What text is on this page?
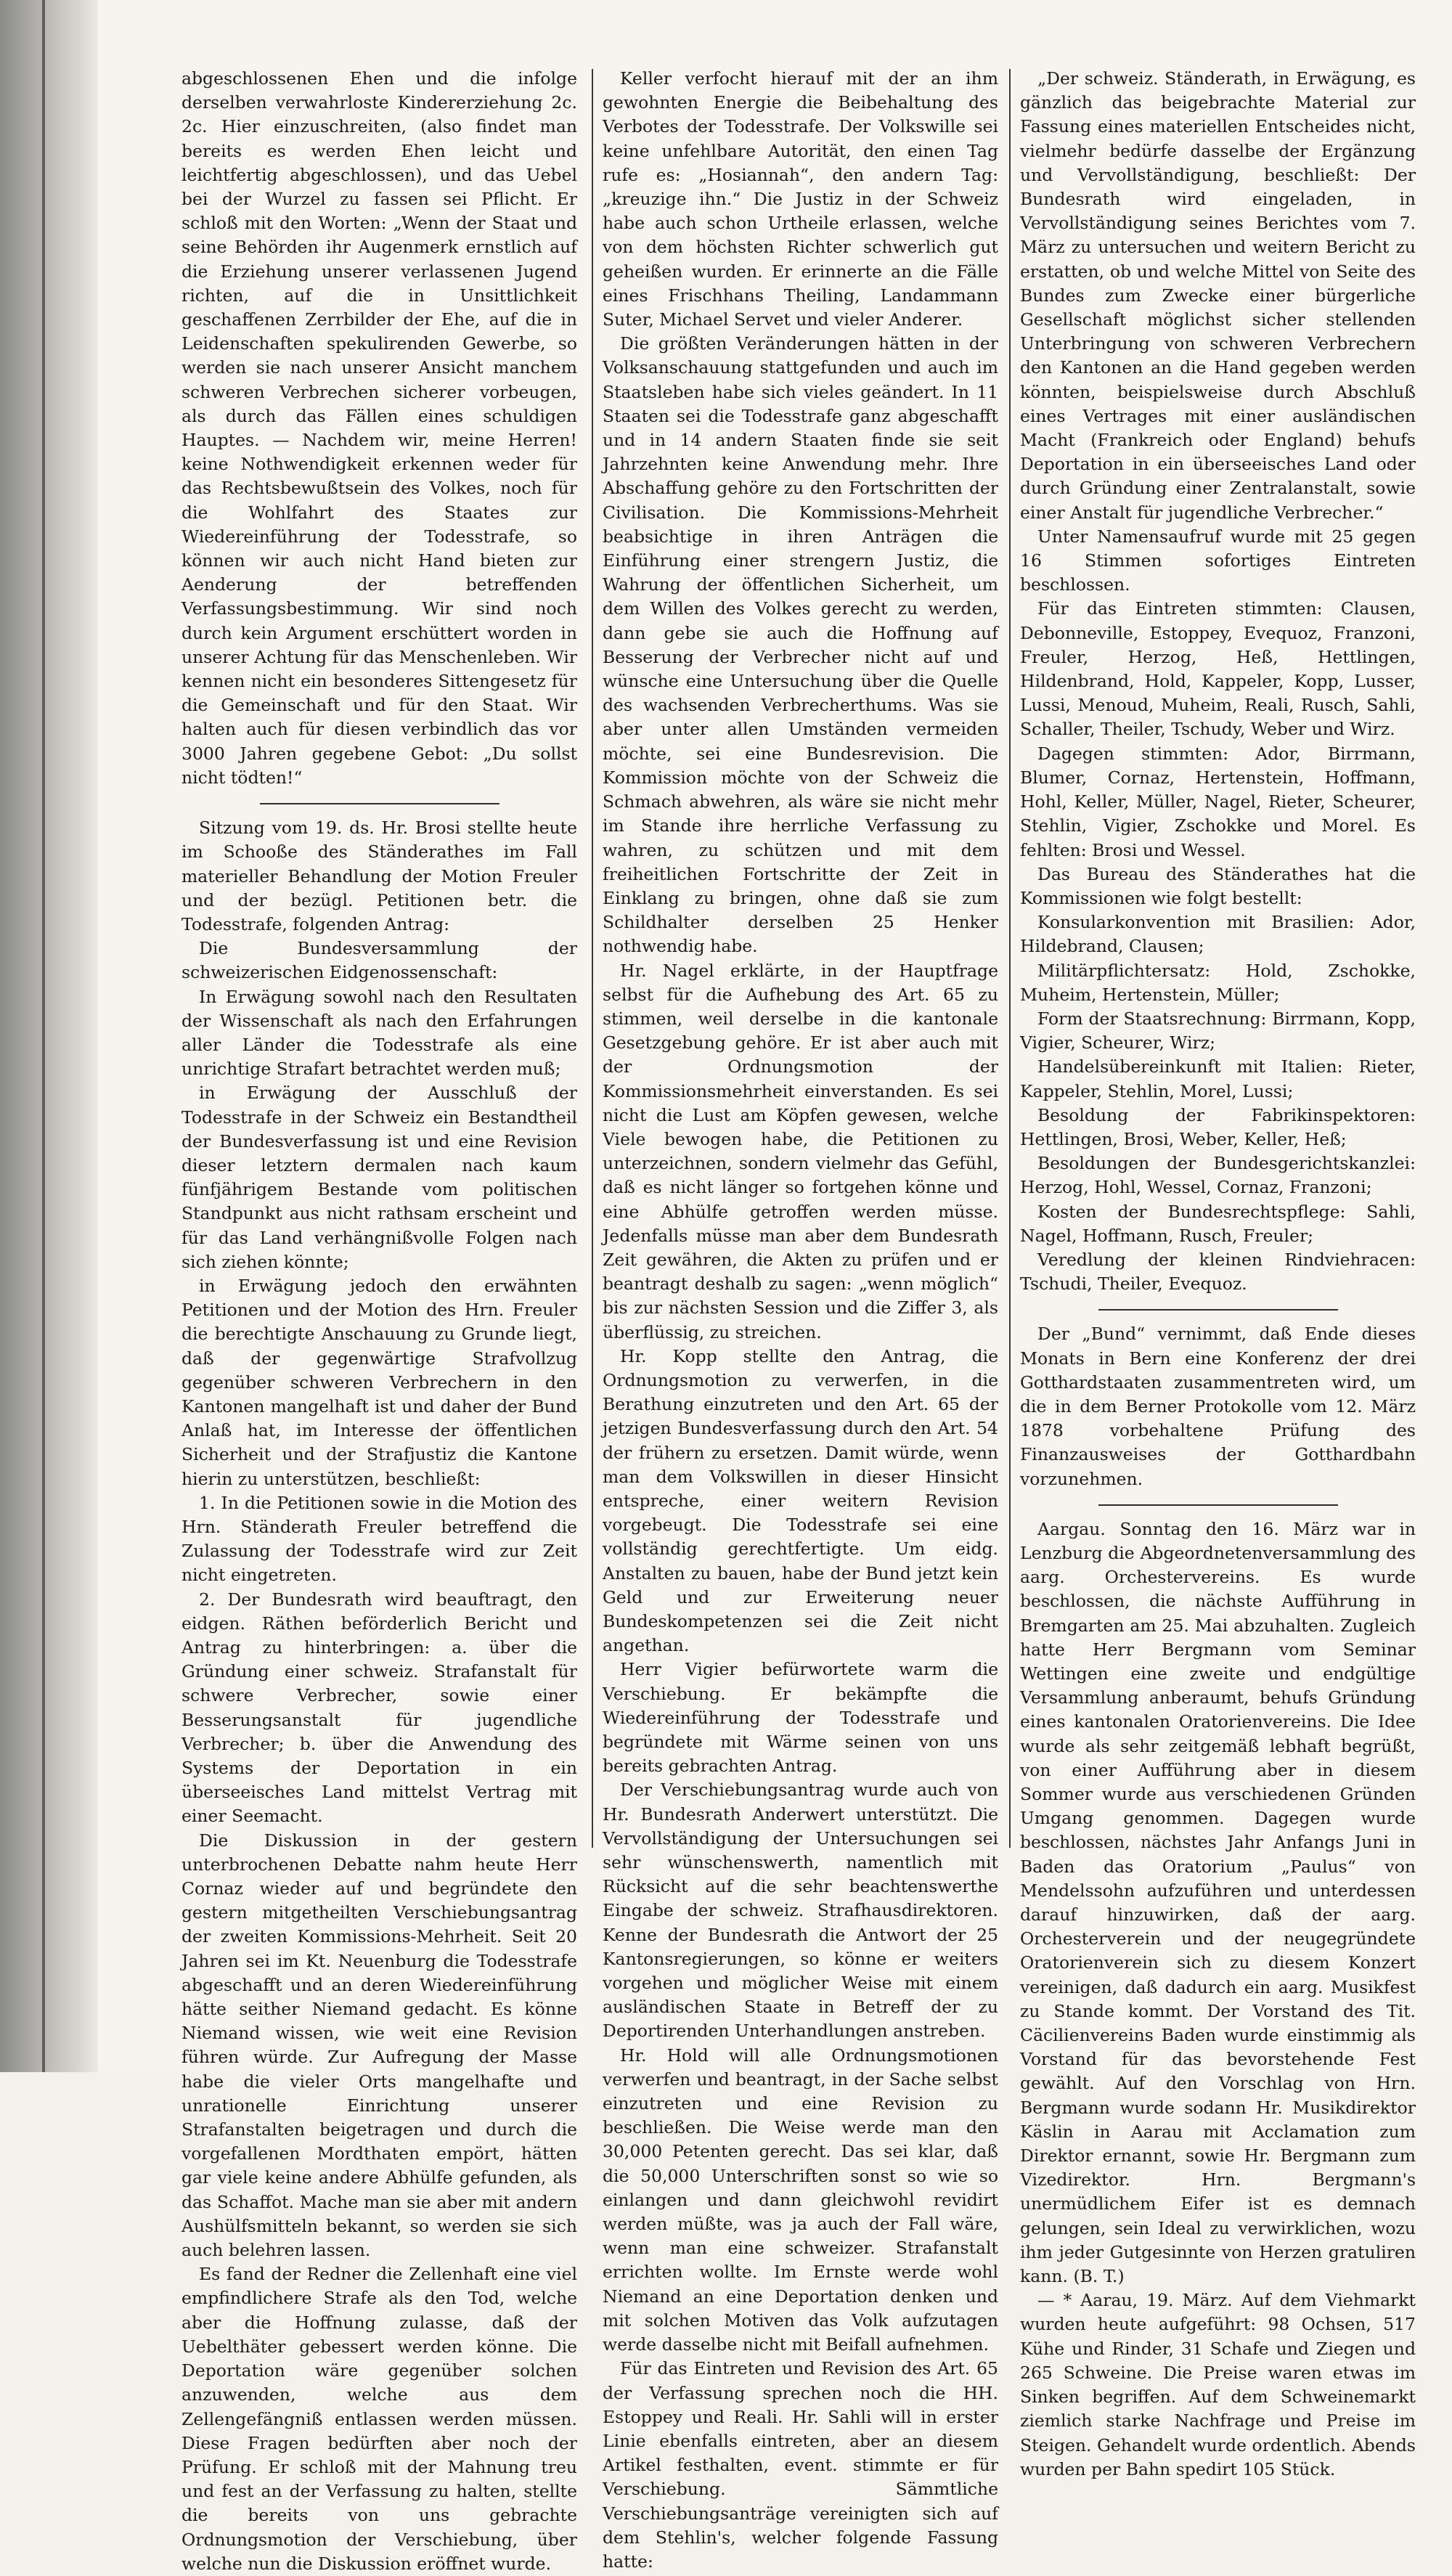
abgeschlossenen Ehen und die infolge derselben verwahrloste Kindererziehung 2c. 2c. Hier einzuschreiten, (also findet man bereits es werden Ehen leicht und leichtfertig abgeschlossen), und das Uebel bei der Wurzel zu fassen sei Pflicht. Er schloß mit den Worten: „Wenn der Staat und seine Behörden ihr Augenmerk ernstlich auf die Erziehung unserer verlassenen Jugend richten, auf die in Unsittlichkeit geschaffenen Zerrbilder der Ehe, auf die in Leidenschaften spekulirenden Gewerbe, so werden sie nach unserer Ansicht manchem schweren Verbrechen sicherer vorbeugen, als durch das Fällen eines schuldigen Hauptes. — Nachdem wir, meine Herren! keine Nothwendigkeit erkennen weder für das Rechtsbewußtsein des Volkes, noch für die Wohlfahrt des Staates zur Wiedereinführung der Todesstrafe, so können wir auch nicht Hand bieten zur Aenderung der betreffenden Verfassungsbestimmung. Wir sind noch durch kein Argument erschüttert worden in unserer Achtung für das Menschenleben. Wir kennen nicht ein besonderes Sittengesetz für die Gemeinschaft und für den Staat. Wir halten auch für diesen verbindlich das vor 3000 Jahren gegebene Gebot: „Du sollst nicht tödten!“

Sitzung vom 19. ds. Hr. Brosi stellte heute im Schooße des Ständerathes im Fall materieller Behandlung der Motion Freuler und der bezügl. Petitionen betr. die Todesstrafe, folgenden Antrag:

Die Bundesversammlung der schweizerischen Eidgenossenschaft:

In Erwägung sowohl nach den Resultaten der Wissenschaft als nach den Erfahrungen aller Länder die Todesstrafe als eine unrichtige Strafart betrachtet werden muß;

in Erwägung der Ausschluß der Todesstrafe in der Schweiz ein Bestandtheil der Bundesverfassung ist und eine Revision dieser letztern dermalen nach kaum fünfjährigem Bestande vom politischen Standpunkt aus nicht rathsam erscheint und für das Land verhängnißvolle Folgen nach sich ziehen könnte;

in Erwägung jedoch den erwähnten Petitionen und der Motion des Hrn. Freuler die berechtigte Anschauung zu Grunde liegt, daß der gegenwärtige Strafvollzug gegenüber schweren Verbrechern in den Kantonen mangelhaft ist und daher der Bund Anlaß hat, im Interesse der öffentlichen Sicherheit und der Strafjustiz die Kantone hierin zu unterstützen, beschließt:

1. In die Petitionen sowie in die Motion des Hrn. Ständerath Freuler betreffend die Zulassung der Todesstrafe wird zur Zeit nicht eingetreten.

2. Der Bundesrath wird beauftragt, den eidgen. Räthen beförderlich Bericht und Antrag zu hinterbringen: a. über die Gründung einer schweiz. Strafanstalt für schwere Verbrecher, sowie einer Besserungsanstalt für jugendliche Verbrecher; b. über die Anwendung des Systems der Deportation in ein überseeisches Land mittelst Vertrag mit einer Seemacht.

Die Diskussion in der gestern unterbrochenen Debatte nahm heute Herr Cornaz wieder auf und begründete den gestern mitgetheilten Verschiebungsantrag der zweiten Kommissions-Mehrheit. Seit 20 Jahren sei im Kt. Neuenburg die Todesstrafe abgeschafft und an deren Wiedereinführung hätte seither Niemand gedacht. Es könne Niemand wissen, wie weit eine Revision führen würde. Zur Aufregung der Masse habe die vieler Orts mangelhafte und unrationelle Einrichtung unserer Strafanstalten beigetragen und durch die vorgefallenen Mordthaten empört, hätten gar viele keine andere Abhülfe gefunden, als das Schaffot. Mache man sie aber mit andern Aushülfsmitteln bekannt, so werden sie sich auch belehren lassen.

Es fand der Redner die Zellenhaft eine viel empfindlichere Strafe als den Tod, welche aber die Hoffnung zulasse, daß der Uebelthäter gebessert werden könne. Die Deportation wäre gegenüber solchen anzuwenden, welche aus dem Zellengefängniß entlassen werden müssen. Diese Fragen bedürften aber noch der Prüfung. Er schloß mit der Mahnung treu und fest an der Verfassung zu halten, stellte die bereits von uns gebrachte Ordnungsmotion der Verschiebung, über welche nun die Diskussion eröffnet wurde.

Keller verfocht hierauf mit der an ihm gewohnten Energie die Beibehaltung des Verbotes der Todesstrafe. Der Volkswille sei keine unfehlbare Autorität, den einen Tag rufe es: „Hosiannah“, den andern Tag: „kreuzige ihn.“ Die Justiz in der Schweiz habe auch schon Urtheile erlassen, welche von dem höchsten Richter schwerlich gut geheißen wurden. Er erinnerte an die Fälle eines Frischhans Theiling, Landammann Suter, Michael Servet und vieler Anderer.

Die größten Veränderungen hätten in der Volksanschauung stattgefunden und auch im Staatsleben habe sich vieles geändert. In 11 Staaten sei die Todesstrafe ganz abgeschafft und in 14 andern Staaten finde sie seit Jahrzehnten keine Anwendung mehr. Ihre Abschaffung gehöre zu den Fortschritten der Civilisation. Die Kommissions-Mehrheit beabsichtige in ihren Anträgen die Einführung einer strengern Justiz, die Wahrung der öffentlichen Sicherheit, um dem Willen des Volkes gerecht zu werden, dann gebe sie auch die Hoffnung auf Besserung der Verbrecher nicht auf und wünsche eine Untersuchung über die Quelle des wachsenden Verbrecherthums. Was sie aber unter allen Umständen vermeiden möchte, sei eine Bundesrevision. Die Kommission möchte von der Schweiz die Schmach abwehren, als wäre sie nicht mehr im Stande ihre herrliche Verfassung zu wahren, zu schützen und mit dem freiheitlichen Fortschritte der Zeit in Einklang zu bringen, ohne daß sie zum Schildhalter derselben 25 Henker nothwendig habe.

Hr. Nagel erklärte, in der Hauptfrage selbst für die Aufhebung des Art. 65 zu stimmen, weil derselbe in die kantonale Gesetzgebung gehöre. Er ist aber auch mit der Ordnungsmotion der Kommissionsmehrheit einverstanden. Es sei nicht die Lust am Köpfen gewesen, welche Viele bewogen habe, die Petitionen zu unterzeichnen, sondern vielmehr das Gefühl, daß es nicht länger so fortgehen könne und eine Abhülfe getroffen werden müsse. Jedenfalls müsse man aber dem Bundesrath Zeit gewähren, die Akten zu prüfen und er beantragt deshalb zu sagen: „wenn möglich“ bis zur nächsten Session und die Ziffer 3, als überflüssig, zu streichen.

Hr. Kopp stellte den Antrag, die Ordnungsmotion zu verwerfen, in die Berathung einzutreten und den Art. 65 der jetzigen Bundesverfassung durch den Art. 54 der frühern zu ersetzen. Damit würde, wenn man dem Volkswillen in dieser Hinsicht entspreche, einer weitern Revision vorgebeugt. Die Todesstrafe sei eine vollständig gerechtfertigte. Um eidg. Anstalten zu bauen, habe der Bund jetzt kein Geld und zur Erweiterung neuer Bundeskompetenzen sei die Zeit nicht angethan.

Herr Vigier befürwortete warm die Verschiebung. Er bekämpfte die Wiedereinführung der Todesstrafe und begründete mit Wärme seinen von uns bereits gebrachten Antrag.

Der Verschiebungsantrag wurde auch von Hr. Bundesrath Anderwert unterstützt. Die Vervollständigung der Untersuchungen sei sehr wünschenswerth, namentlich mit Rücksicht auf die sehr beachtenswerthe Eingabe der schweiz. Strafhausdirektoren. Kenne der Bundesrath die Antwort der 25 Kantonsregierungen, so könne er weiters vorgehen und möglicher Weise mit einem ausländischen Staate in Betreff der zu Deportirenden Unterhandlungen anstreben.

Hr. Hold will alle Ordnungsmotionen verwerfen und beantragt, in der Sache selbst einzutreten und eine Revision zu beschließen. Die Weise werde man den 30,000 Petenten gerecht. Das sei klar, daß die 50,000 Unterschriften sonst so wie so einlangen und dann gleichwohl revidirt werden müßte, was ja auch der Fall wäre, wenn man eine schweizer. Strafanstalt errichten wollte. Im Ernste werde wohl Niemand an eine Deportation denken und mit solchen Motiven das Volk aufzutagen werde dasselbe nicht mit Beifall aufnehmen.

Für das Eintreten und Revision des Art. 65 der Verfassung sprechen noch die HH. Estoppey und Reali. Hr. Sahli will in erster Linie ebenfalls eintreten, aber an diesem Artikel festhalten, event. stimmte er für Verschiebung. Sämmtliche Verschiebungsanträge vereinigten sich auf dem Stehlin's, welcher folgende Fassung hatte:

„Der schweiz. Ständerath, in Erwägung, es gänzlich das beigebrachte Material zur Fassung eines materiellen Entscheides nicht, vielmehr bedürfe dasselbe der Ergänzung und Vervollständigung, beschließt: Der Bundesrath wird eingeladen, in Vervollständigung seines Berichtes vom 7. März zu untersuchen und weitern Bericht zu erstatten, ob und welche Mittel von Seite des Bundes zum Zwecke einer bürgerliche Gesellschaft möglichst sicher stellenden Unterbringung von schweren Verbrechern den Kantonen an die Hand gegeben werden könnten, beispielsweise durch Abschluß eines Vertrages mit einer ausländischen Macht (Frankreich oder England) behufs Deportation in ein überseeisches Land oder durch Gründung einer Zentralanstalt, sowie einer Anstalt für jugendliche Verbrecher.“

Unter Namensaufruf wurde mit 25 gegen 16 Stimmen sofortiges Eintreten beschlossen.

Für das Eintreten stimmten: Clausen, Debonneville, Estoppey, Evequoz, Franzoni, Freuler, Herzog, Heß, Hettlingen, Hildenbrand, Hold, Kappeler, Kopp, Lusser, Lussi, Menoud, Muheim, Reali, Rusch, Sahli, Schaller, Theiler, Tschudy, Weber und Wirz.

Dagegen stimmten: Ador, Birrmann, Blumer, Cornaz, Hertenstein, Hoffmann, Hohl, Keller, Müller, Nagel, Rieter, Scheurer, Stehlin, Vigier, Zschokke und Morel. Es fehlten: Brosi und Wessel.

Das Bureau des Ständerathes hat die Kommissionen wie folgt bestellt:

Konsularkonvention mit Brasilien: Ador, Hildebrand, Clausen;

Militärpflichtersatz: Hold, Zschokke, Muheim, Hertenstein, Müller;

Form der Staatsrechnung: Birrmann, Kopp, Vigier, Scheurer, Wirz;

Handelsübereinkunft mit Italien: Rieter, Kappeler, Stehlin, Morel, Lussi;

Besoldung der Fabrikinspektoren: Hettlingen, Brosi, Weber, Keller, Heß;

Besoldungen der Bundesgerichtskanzlei: Herzog, Hohl, Wessel, Cornaz, Franzoni;

Kosten der Bundesrechtspflege: Sahli, Nagel, Hoffmann, Rusch, Freuler;

Veredlung der kleinen Rindviehracen: Tschudi, Theiler, Evequoz.

Der „Bund“ vernimmt, daß Ende dieses Monats in Bern eine Konferenz der drei Gotthardstaaten zusammentreten wird, um die in dem Berner Protokolle vom 12. März 1878 vorbehaltene Prüfung des Finanzausweises der Gotthardbahn vorzunehmen.

Aargau. Sonntag den 16. März war in Lenzburg die Abgeordnetenversammlung des aarg. Orchestervereins. Es wurde beschlossen, die nächste Aufführung in Bremgarten am 25. Mai abzuhalten. Zugleich hatte Herr Bergmann vom Seminar Wettingen eine zweite und endgültige Versammlung anberaumt, behufs Gründung eines kantonalen Oratorienvereins. Die Idee wurde als sehr zeitgemäß lebhaft begrüßt, von einer Aufführung aber in diesem Sommer wurde aus verschiedenen Gründen Umgang genommen. Dagegen wurde beschlossen, nächstes Jahr Anfangs Juni in Baden das Oratorium „Paulus“ von Mendelssohn aufzuführen und unterdessen darauf hinzuwirken, daß der aarg. Orchesterverein und der neugegründete Oratorienverein sich zu diesem Konzert vereinigen, daß dadurch ein aarg. Musikfest zu Stande kommt. Der Vorstand des Tit. Cäcilienvereins Baden wurde einstimmig als Vorstand für das bevorstehende Fest gewählt. Auf den Vorschlag von Hrn. Bergmann wurde sodann Hr. Musikdirektor Käslin in Aarau mit Acclamation zum Direktor ernannt, sowie Hr. Bergmann zum Vizedirektor. Hrn. Bergmann's unermüdlichem Eifer ist es demnach gelungen, sein Ideal zu verwirklichen, wozu ihm jeder Gutgesinnte von Herzen gratuliren kann. (B. T.)

— * Aarau, 19. März. Auf dem Viehmarkt wurden heute aufgeführt: 98 Ochsen, 517 Kühe und Rinder, 31 Schafe und Ziegen und 265 Schweine. Die Preise waren etwas im Sinken begriffen. Auf dem Schweinemarkt ziemlich starke Nachfrage und Preise im Steigen. Gehandelt wurde ordentlich. Abends wurden per Bahn spedirt 105 Stück.
